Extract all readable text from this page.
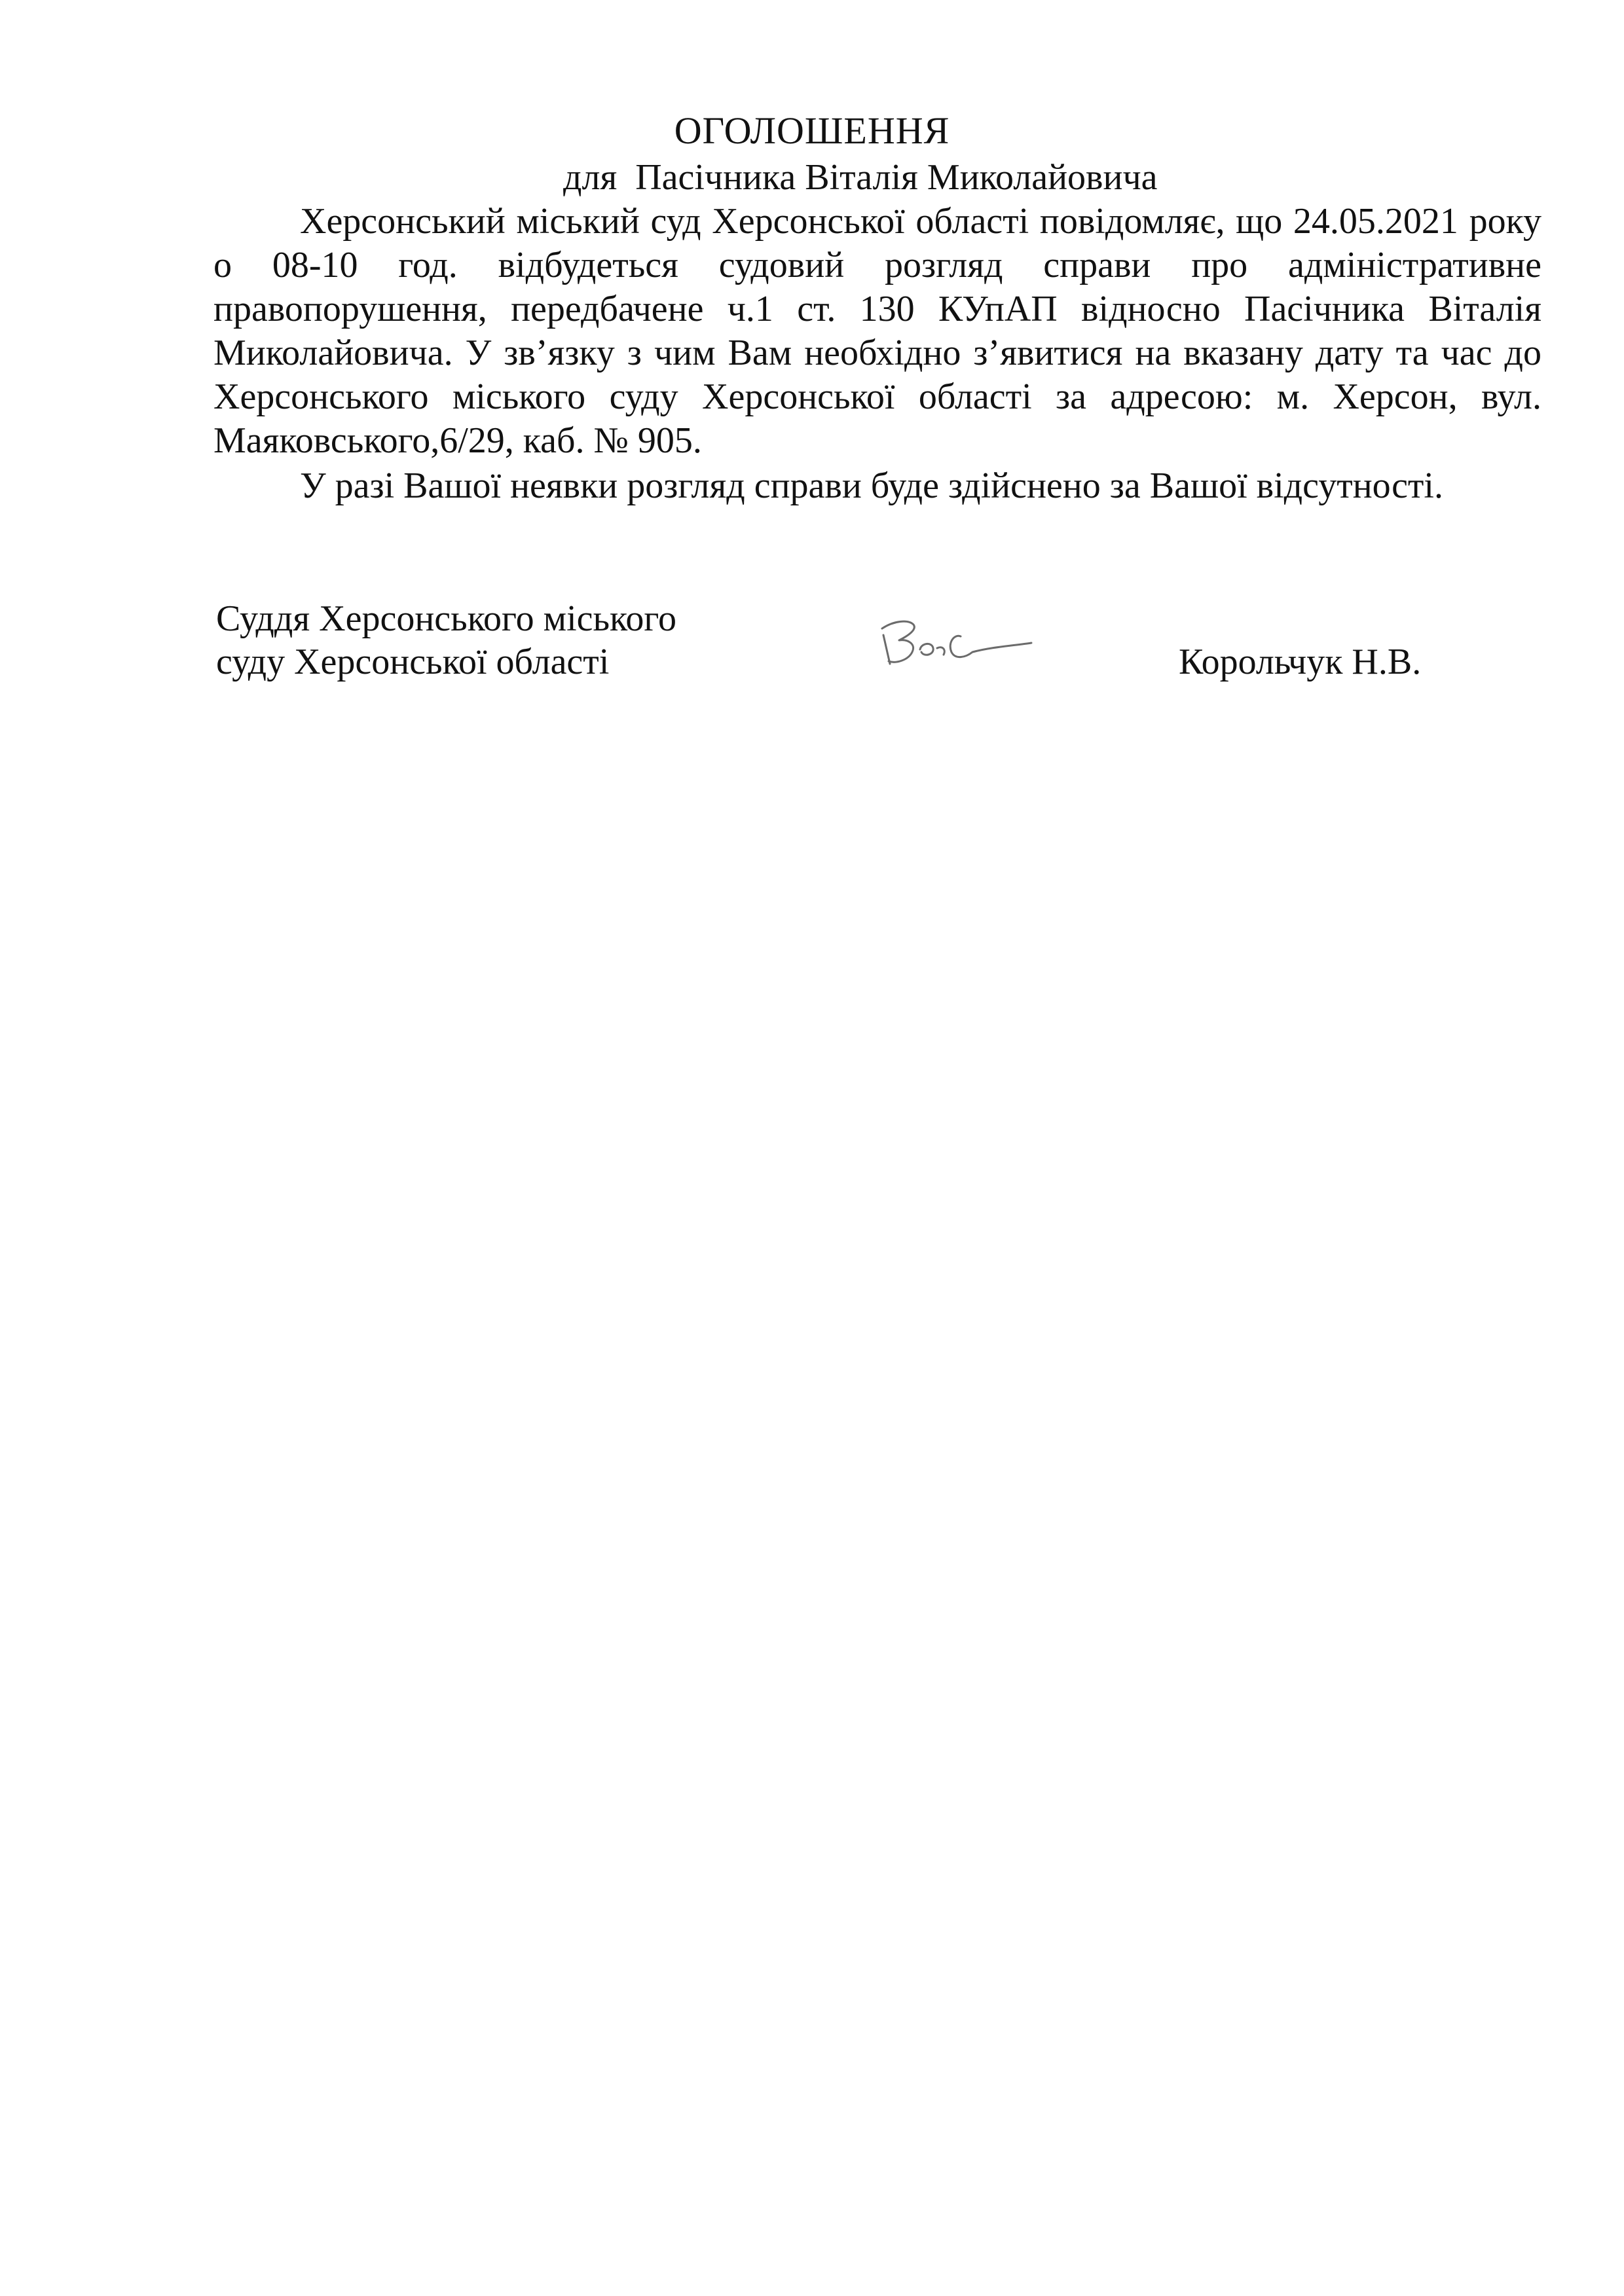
ОГОЛОШЕННЯ
для  Пасічника Віталія Миколайовича

Херсонський міський суд Херсонської області повідомляє, що 24.05.2021 року о 08-10 год. відбудеться судовий розгляд справи про адміністративне правопорушення, передбачене ч.1 ст. 130 КУпАП відносно Пасічника Віталія Миколайовича. У зв’язку з чим Вам необхідно з’явитися на вказану дату та час до Херсонського міського суду Херсонської області за адресою: м. Херсон, вул. Маяковського,6/29, каб. № 905.

У разі Вашої неявки розгляд справи буде здійснено за Вашої відсутності.

Суддя Херсонського міського
суду Херсонської області	Корольчук Н.В.
